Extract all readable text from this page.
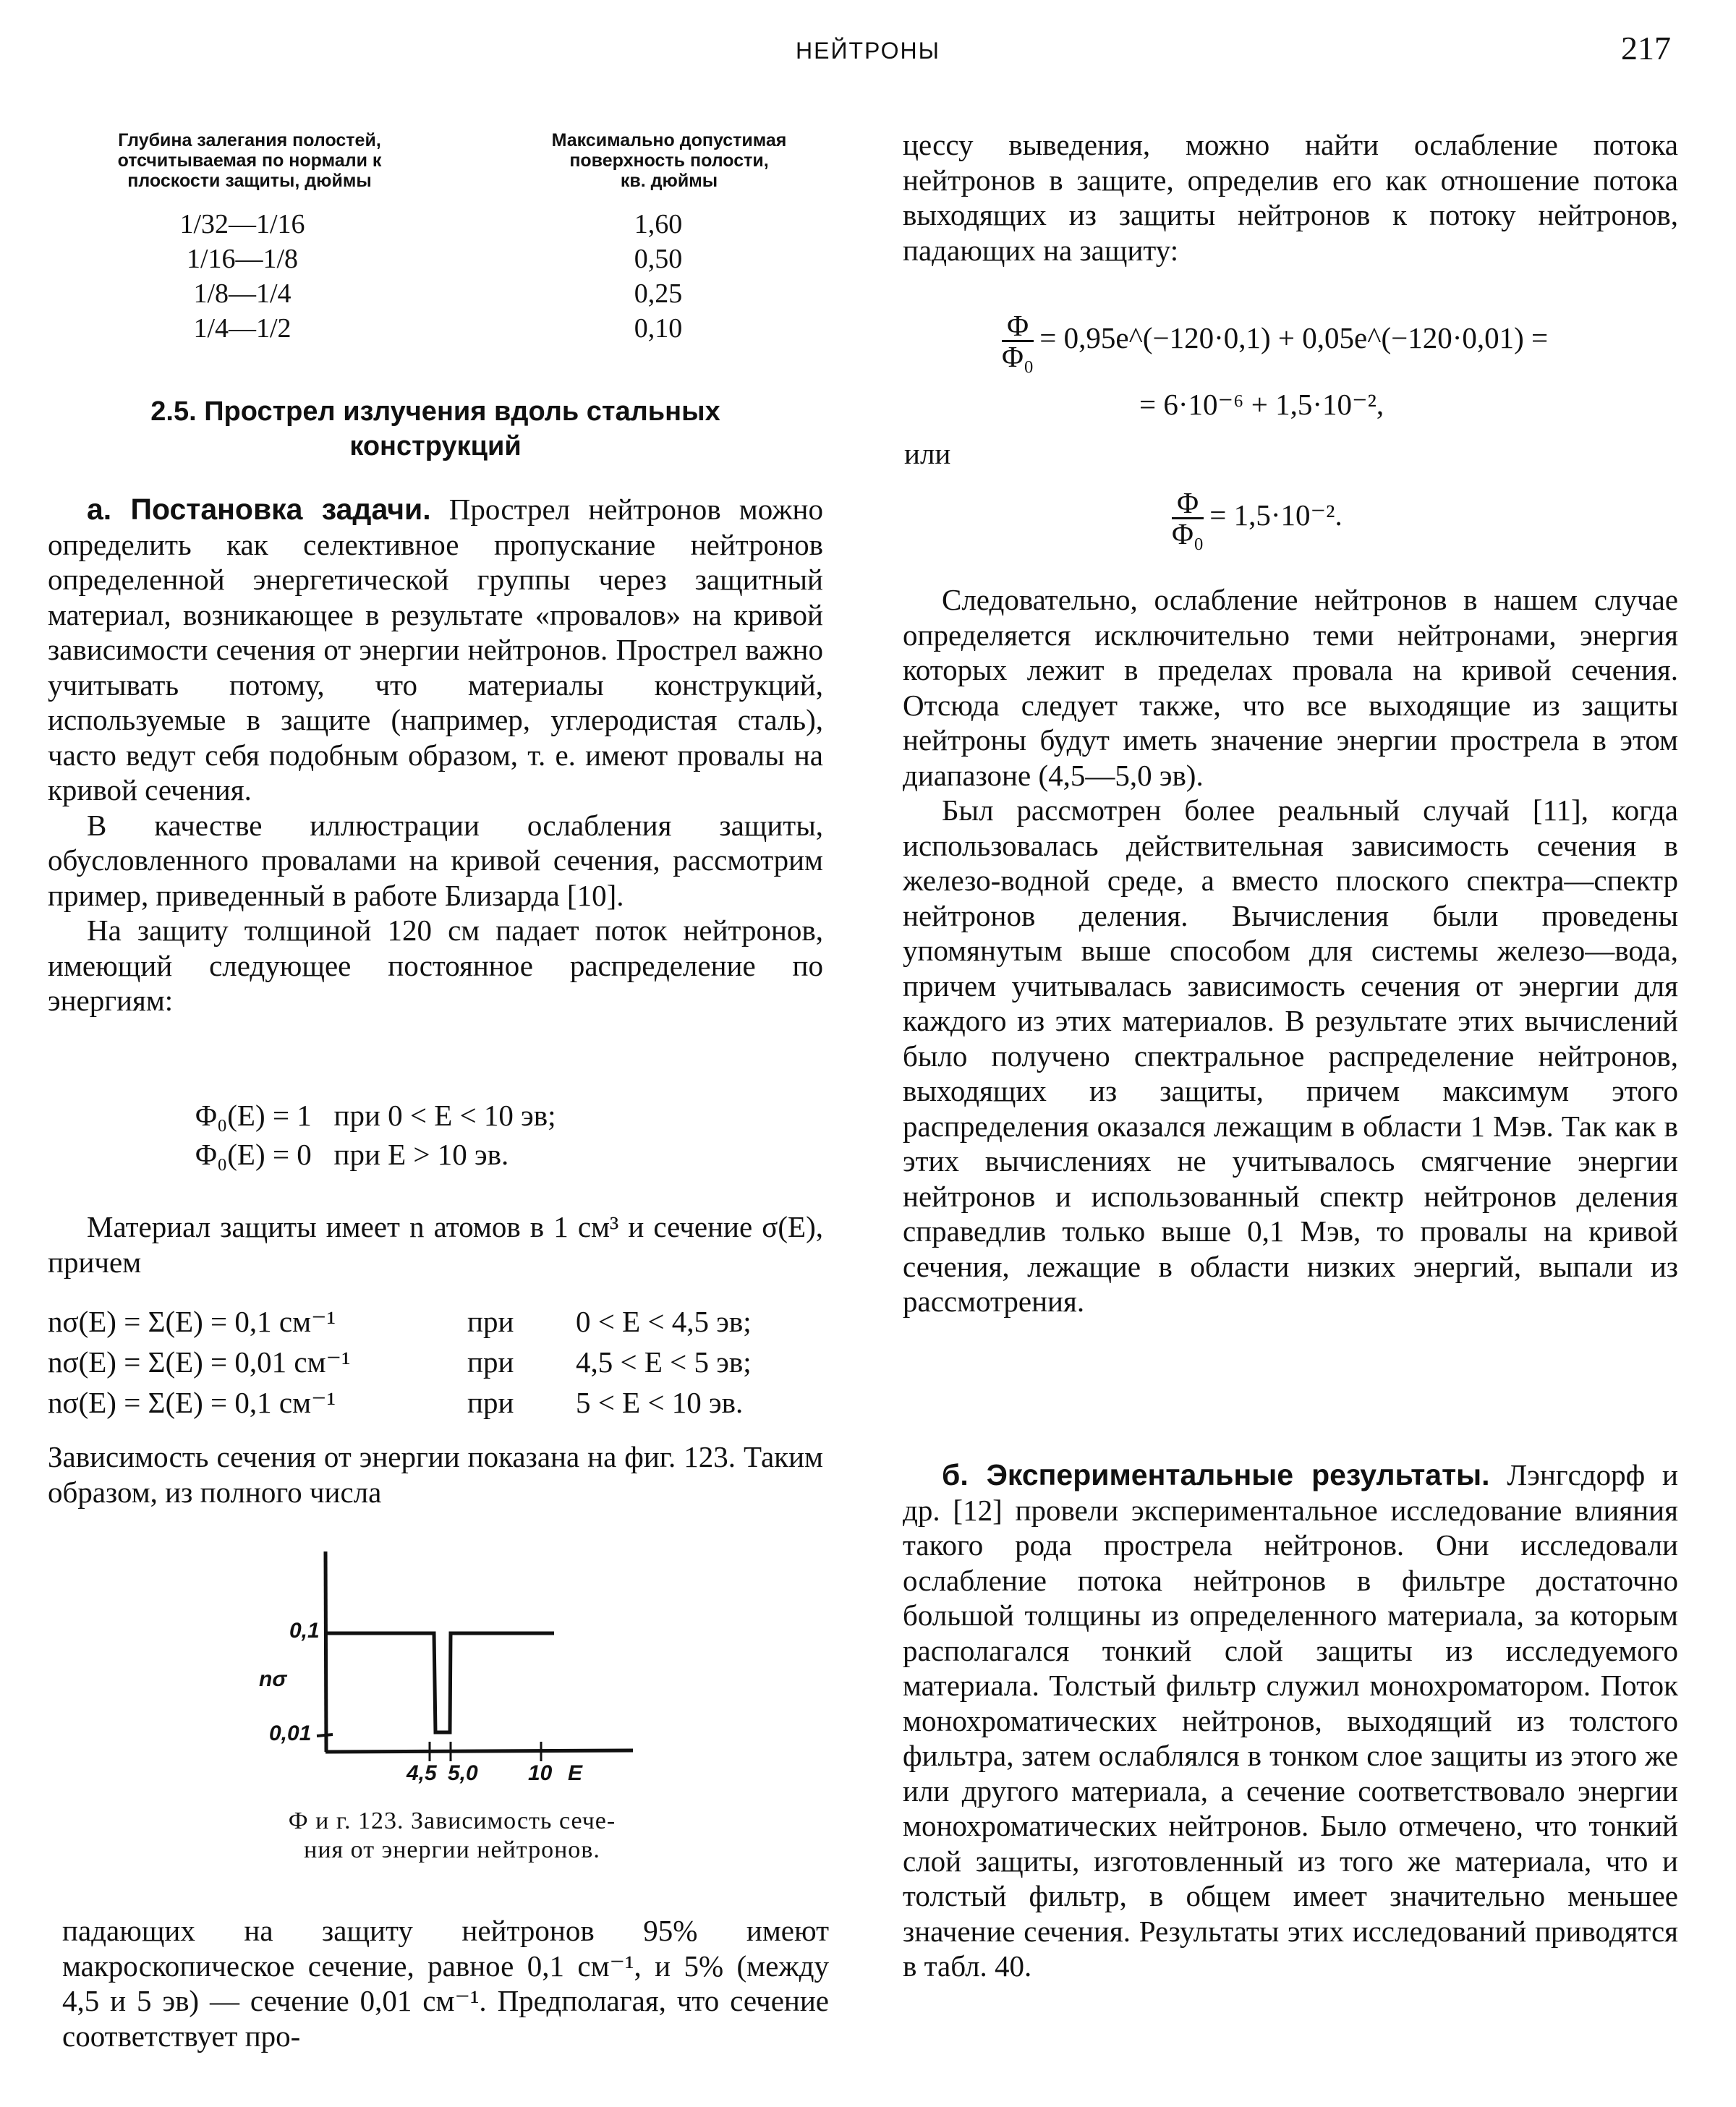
НЕЙТРОНЫ	217
Глубина залегания полостей,
отсчитываемая по нормали к
плоскости защиты, дюймы
Максимально допустимая
поверхность полости,
кв. дюймы
1/32—1/16	1,60
1/16—1/8	0,50
1/8—1/4	0,25
1/4—1/2	0,10
2.5. Прострел излучения вдоль стальных
конструкций

а. Постановка задачи. Прострел нейтронов можно определить как селективное пропускание нейтронов определенной энергетической группы через защитный материал, возникающее в результате «провалов» на кривой зависимости сечения от энергии нейтронов. Прострел важно учитывать потому, что материалы конструкций, используемые в защите (например, углеродистая сталь), часто ведут себя подобным образом, т. е. имеют провалы на кривой сечения.

В качестве иллюстрации ослабления защиты, обусловленного провалами на кривой сечения, рассмотрим пример, приведенный в работе Близарда [10].

На защиту толщиной 120 см падает поток нейтронов, имеющий следующее постоянное распределение по энергиям:

Φ₀(E) = 1 при 0 < E < 10 эв;
Φ₀(E) = 0 при E > 10 эв.

Материал защиты имеет n атомов в 1 см³ и сечение σ(E), причем

nσ(E) = Σ(E) = 0,1 см⁻¹	при 0 < E < 4,5 эв;
nσ(E) = Σ(E) = 0,01 см⁻¹	при 4,5 < E < 5 эв;
nσ(E) = Σ(E) = 0,1 см⁻¹	при 5 < E < 10 эв.

Зависимость сечения от энергии показана на фиг. 123. Таким образом, из полного числа

0,1
nσ
0,01
4,5 5,0 10 E
Ф и г. 123. Зависимость сече-
ния от энергии нейтронов.

падающих на защиту нейтронов 95% имеют макроскопическое сечение, равное 0,1 см⁻¹, и 5% (между 4,5 и 5 эв) — сечение 0,01 см⁻¹. Предполагая, что сечение соответствует про-

цессу выведения, можно найти ослабление потока нейтронов в защите, определив его как отношение потока выходящих из защиты нейтронов к потоку нейтронов, падающих на защиту:

$\frac{\Phi}{\text{Φ₀}}$ = 0,95e^(−120·0,1) + 0,05e^(−120·0,01) =
= 6·10⁻⁶ + 1,5·10⁻²,
или
$\frac{\Phi}{\text{Φ₀}} = 1,5\cdot 10^{-2}$.

Следовательно, ослабление нейтронов в нашем случае определяется исключительно теми нейтронами, энергия которых лежит в пределах провала на кривой сечения. Отсюда следует также, что все выходящие из защиты нейтроны будут иметь значение энергии прострела в этом диапазоне (4,5—5,0 эв).

Был рассмотрен более реальный случай [11], когда использовалась действительная зависимость сечения в железо-водной среде, а вместо плоского спектра—спектр нейтронов деления. Вычисления были проведены упомянутым выше способом для системы железо—вода, причем учитывалась зависимость сечения от энергии для каждого из этих материалов. В результате этих вычислений было получено спектральное распределение нейтронов, выходящих из защиты, причем максимум этого распределения оказался лежащим в области 1 Мэв. Так как в этих вычислениях не учитывалось смягчение энергии нейтронов и использованный спектр нейтронов деления справедлив только выше 0,1 Мэв, то провалы на кривой сечения, лежащие в области низких энергий, выпали из рассмотрения.

б. Экспериментальные результаты. Лэнгсдорф и др. [12] провели экспериментальное исследование влияния такого рода прострела нейтронов. Они исследовали ослабление потока нейтронов в фильтре достаточно большой толщины из определенного материала, за которым располагался тонкий слой защиты из исследуемого материала. Толстый фильтр служил монохроматором. Поток монохроматических нейтронов, выходящий из толстого фильтра, затем ослаблялся в тонком слое защиты из этого же или другого материала, а сечение соответствовало энергии монохроматических нейтронов. Было отмечено, что тонкий слой защиты, изготовленный из того же материала, что и толстый фильтр, в общем имеет значительно меньшее значение сечения. Результаты этих исследований приводятся в табл. 40.
